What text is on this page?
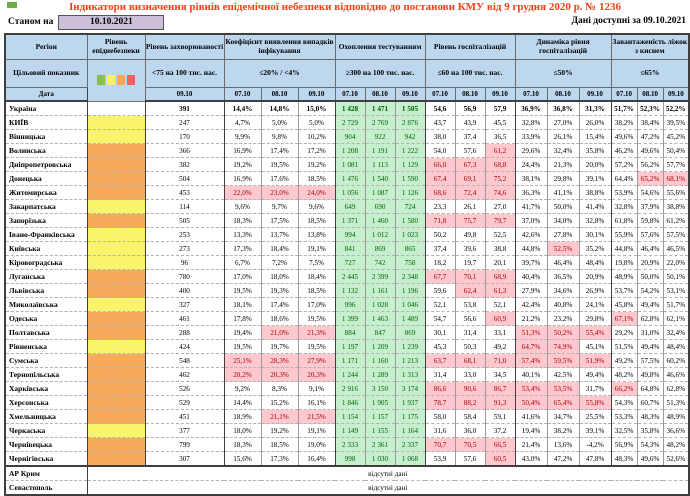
Індикатори визначення рівнів епідемічної небезпеки відповідно до постанови КМУ від 9 грудня 2020 р. № 1236
Станом на	10.10.2021	Дані доступні за 09.10.2021
Регіон	Рівень епіднебезпеки	Рівень захворюваності	Коефіцієнт виявлення випадків інфікування			Охоплення тестуванням			Рівень госпіталізацій			Динаміка рівня госпіталізацій			Завантаженість ліжок з киснем		
Цільовий показник		<75 на 100 тис. нас.	≤20% / <4%			≥300 на 100 тис. нас.			≤60 на 100 тис. нас.			≤50%			≤65%		
Дата		09.10	07.10	08.10	09.10	07.10	08.10	09.10	07.10	08.10	09.10	07.10	08.10	09.10	07.10	08.10	09.10
Україна		391	14,4%	14,8%	15,0%	1 428	1 471	1 505	54,6	56,9	57,9	36,9%	36,8%	31,3%	51,7%	52,3%	52,2%
КИЇВ		247	4,7%	5,0%	5,0%	2 729	2 769	2 876	43,7	43,9	45,5	32,8%	27,0%	26,0%	38,2%	38,4%	39,5%
Вінницька		170	9,9%	9,8%	10,2%	904	922	942	38,0	37,4	36,5	33,9%	26,1%	15,4%	49,6%	47,2%	45,2%
Волинська		366	16,9%	17,4%	17,2%	1 208	1 191	1 222	54,0	57,6	61,2	29,6%	32,4%	35,8%	46,2%	49,6%	50,4%
Дніпропетровська		382	19,2%	19,5%	19,2%	1 081	1 113	1 129	66,0	67,3	68,8	24,4%	21,3%	20,0%	57,2%	56,2%	57,7%
Донецька		504	16,9%	17,6%	18,5%	1 476	1 540	1 590	67,4	69,1	75,2	38,1%	29,8%	39,1%	64,4%	65,2%	68,1%
Житомирська		453	22,0%	23,0%	24,0%	1 056	1 087	1 126	68,6	72,4	74,6	36,3%	41,1%	38,8%	53,9%	54,6%	55,6%
Закарпатська		114	9,6%	9,7%	9,6%	649	690	724	23,3	26,1	27,0	41,7%	50,0%	41,4%	32,8%	37,9%	38,8%
Запорізька		505	18,3%	17,5%	18,5%	1 371	1 460	1 580	71,8	75,7	79,7	37,0%	34,0%	32,8%	61,8%	59,8%	61,2%
Івано-Франківська		253	13,3%	13,7%	13,8%	994	1 012	1 023	50,2	49,8	52,5	42,6%	27,8%	30,1%	55,9%	57,6%	57,5%
Київська		273	17,3%	18,4%	19,1%	841	869	865	37,4	39,6	38,8	44,8%	52,5%	35,2%	44,8%	46,4%	46,5%
Кіровоградська		96	6,7%	7,2%	7,5%	727	742	758	18,2	19,7	20,1	39,7%	46,4%	48,4%	19,8%	20,9%	22,0%
Луганська		780	17,0%	18,0%	18,4%	2 445	2 399	2 348	67,7	70,1	68,9	40,4%	36,5%	20,9%	48,9%	50,0%	50,1%
Львівська		400	19,5%	19,3%	18,5%	1 132	1 161	1 196	59,6	62,4	61,3	27,9%	34,6%	26,9%	53,7%	54,2%	53,1%
Миколаївська		327	18,1%	17,4%	17,0%	996	1 028	1 046	52,1	53,8	52,1	42,4%	40,8%	24,1%	45,8%	49,4%	51,7%
Одеська		461	17,8%	18,6%	19,5%	1 399	1 463	1 489	54,7	56,6	60,9	21,2%	23,2%	29,8%	67,1%	62,8%	62,1%
Полтавська		288	19,4%	21,0%	21,3%	884	847	869	30,1	31,4	33,1	51,3%	50,2%	55,4%	29,2%	31,0%	32,4%
Рівненська		424	19,5%	19,7%	19,5%	1 197	1 209	1 239	45,3	50,3	49,2	64,7%	74,9%	45,1%	51,5%	49,4%	48,4%
Сумська		548	25,1%	28,3%	27,9%	1 171	1 160	1 213	63,7	68,1	71,0	57,4%	59,5%	51,9%	49,2%	57,5%	60,2%
Тернопільська		462	20,2%	20,3%	20,3%	1 244	1 289	1 313	31,4	33,0	34,5	40,1%	42,5%	49,4%	48,2%	49,8%	46,6%
Харківська		526	9,2%	8,3%	9,1%	2 916	3 150	3 174	86,6	90,6	86,7	53,4%	53,5%	31,7%	66,2%	64,8%	62,8%
Херсонська		529	14,4%	15,2%	16,1%	1 846	1 905	1 937	78,7	88,2	91,3	50,4%	65,4%	55,8%	54,3%	60,7%	51,3%
Хмельницька		451	18,9%	21,1%	21,5%	1 154	1 157	1 175	58,0	58,4	59,1	41,6%	34,7%	25,5%	53,3%	48,3%	48,9%
Черкаська		377	18,0%	19,2%	19,1%	1 149	1 155	1 164	31,6	36,0	37,2	19,4%	38,2%	39,1%	32,5%	35,8%	36,6%
Чернівецька		799	18,3%	18,5%	19,0%	2 333	2 361	2 337	70,7	70,5	66,5	21,4%	13,6%	-4,2%	56,9%	54,3%	48,2%
Чернігівська		307	15,6%	17,3%	16,4%	998	1 030	1 068	53,9	57,6	60,5	43,0%	47,2%	47,8%	48,3%	49,6%	52,6%
АР Крим	відсутні дані																
Севастополь	відсутні дані																
